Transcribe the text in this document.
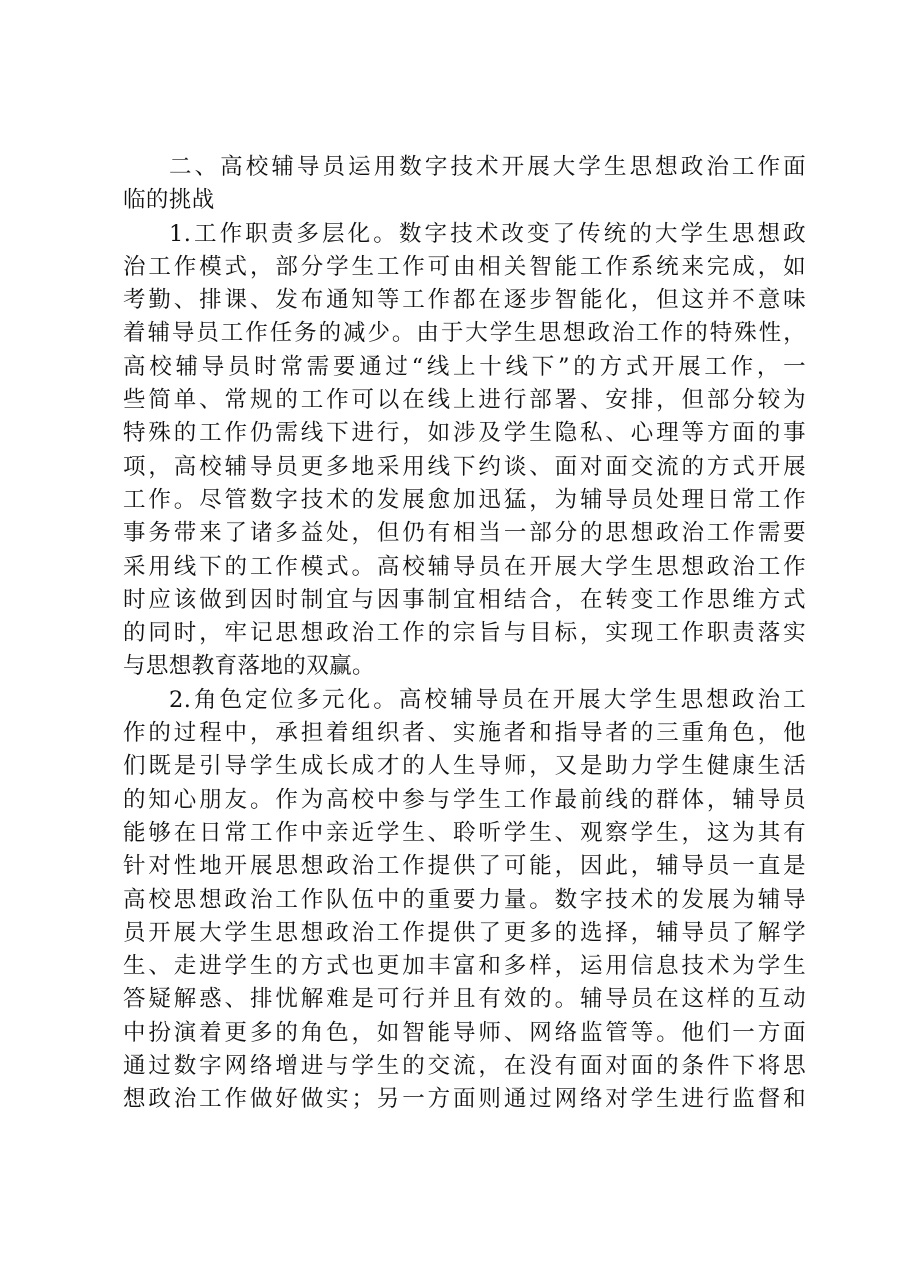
二、高校辅导员运用数字技术开展大学生思想政治工作面
临的挑战
1.工作职责多层化。数字技术改变了传统的大学生思想政
治工作模式，部分学生工作可由相关智能工作系统来完成，如
考勤、排课、发布通知等工作都在逐步智能化，但这并不意味
着辅导员工作任务的减少。由于大学生思想政治工作的特殊性，
高校辅导员时常需要通过“线上十线下”的方式开展工作，一
些简单、常规的工作可以在线上进行部署、安排，但部分较为
特殊的工作仍需线下进行，如涉及学生隐私、心理等方面的事
项，高校辅导员更多地采用线下约谈、面对面交流的方式开展
工作。尽管数字技术的发展愈加迅猛，为辅导员处理日常工作
事务带来了诸多益处，但仍有相当一部分的思想政治工作需要
采用线下的工作模式。高校辅导员在开展大学生思想政治工作
时应该做到因时制宜与因事制宜相结合，在转变工作思维方式
的同时，牢记思想政治工作的宗旨与目标，实现工作职责落实
与思想教育落地的双赢。
2.角色定位多元化。高校辅导员在开展大学生思想政治工
作的过程中，承担着组织者、实施者和指导者的三重角色，他
们既是引导学生成长成才的人生导师，又是助力学生健康生活
的知心朋友。作为高校中参与学生工作最前线的群体，辅导员
能够在日常工作中亲近学生、聆听学生、观察学生，这为其有
针对性地开展思想政治工作提供了可能，因此，辅导员一直是
高校思想政治工作队伍中的重要力量。数字技术的发展为辅导
员开展大学生思想政治工作提供了更多的选择，辅导员了解学
生、走进学生的方式也更加丰富和多样，运用信息技术为学生
答疑解惑、排忧解难是可行并且有效的。辅导员在这样的互动
中扮演着更多的角色，如智能导师、网络监管等。他们一方面
通过数字网络增进与学生的交流，在没有面对面的条件下将思
想政治工作做好做实；另一方面则通过网络对学生进行监督和
